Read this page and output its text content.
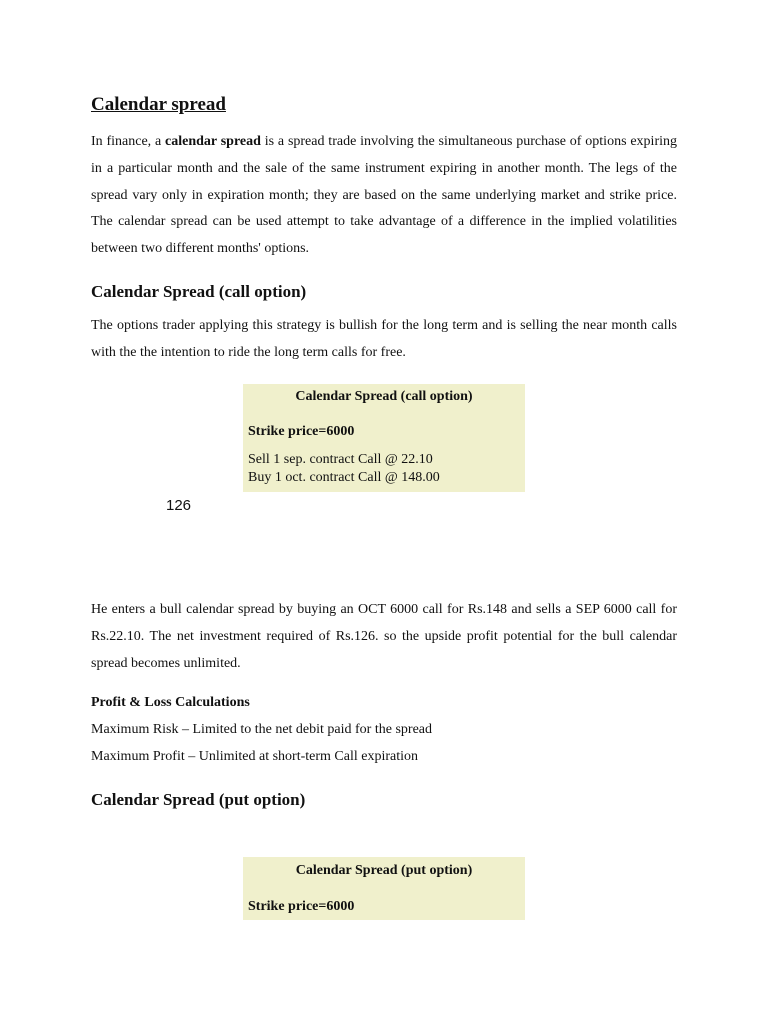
Calendar spread

In finance, a calendar spread is a spread trade involving the simultaneous purchase of options expiring in a particular month and the sale of the same instrument expiring in another month. The legs of the spread vary only in expiration month; they are based on the same underlying market and strike price. The calendar spread can be used attempt to take advantage of a difference in the implied volatilities between two different months' options.

Calendar Spread (call option)

The options trader applying this strategy is bullish for the long term and is selling the near month calls with the the intention to ride the long term calls for free.

Calendar Spread (call option)
Strike price=6000
Sell 1 sep. contract Call @ 22.10
Buy 1 oct. contract Call @ 148.00
126

He enters a bull calendar spread by buying an OCT 6000 call for Rs.148 and sells a SEP 6000 call for Rs.22.10. The net investment required of Rs.126. so the upside profit potential for the bull calendar spread becomes unlimited.

Profit & Loss Calculations

Maximum Risk – Limited to the net debit paid for the spread

Maximum Profit – Unlimited at short-term Call expiration

Calendar Spread (put option)
Calendar Spread (put option)
Strike price=6000
